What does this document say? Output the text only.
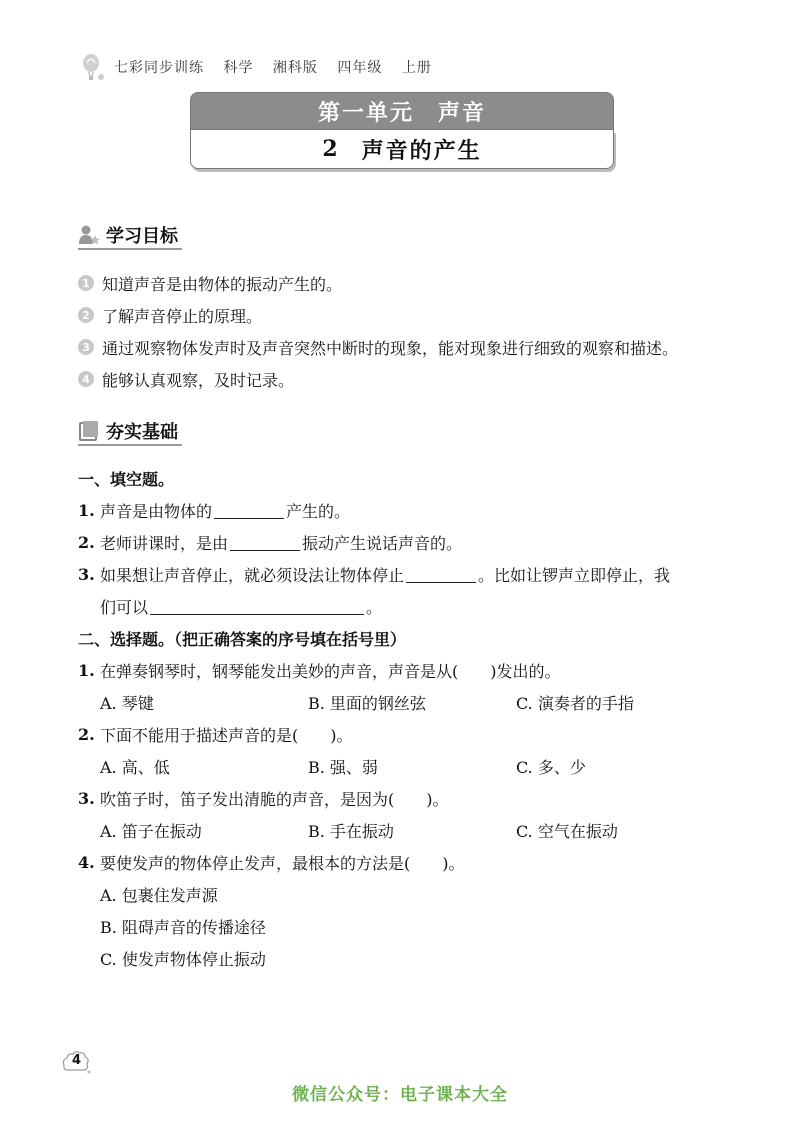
七彩同步训练 科学 湘科版 四年级 上册
第一单元 声音
2 声音的产生
学习目标
1 知道声音是由物体的振动产生的。
2 了解声音停止的原理。
3 通过观察物体发声时及声音突然中断时的现象，能对现象进行细致的观察和描述。
4 能够认真观察，及时记录。
夯实基础
一、填空题。
1. 声音是由物体的	产生的。
2. 老师讲课时，是由	振动产生说话声音的。
3. 如果想让声音停止，就必须设法让物体停止	。比如让锣声立即停止，我
们可以	。
二、选择题。（把正确答案的序号填在括号里）
1. 在弹奏钢琴时，钢琴能发出美妙的声音，声音是从(　　)发出的。
A. 琴键	B. 里面的钢丝弦	C. 演奏者的手指
2. 下面不能用于描述声音的是(　　)。
A. 高、低	B. 强、弱	C. 多、少
3. 吹笛子时，笛子发出清脆的声音，是因为(　　)。
A. 笛子在振动	B. 手在振动	C. 空气在振动
4. 要使发声的物体停止发声，最根本的方法是(　　)。
A. 包裹住发声源
B. 阻碍声音的传播途径
C. 使发声物体停止振动
4
微信公众号：电子课本大全
